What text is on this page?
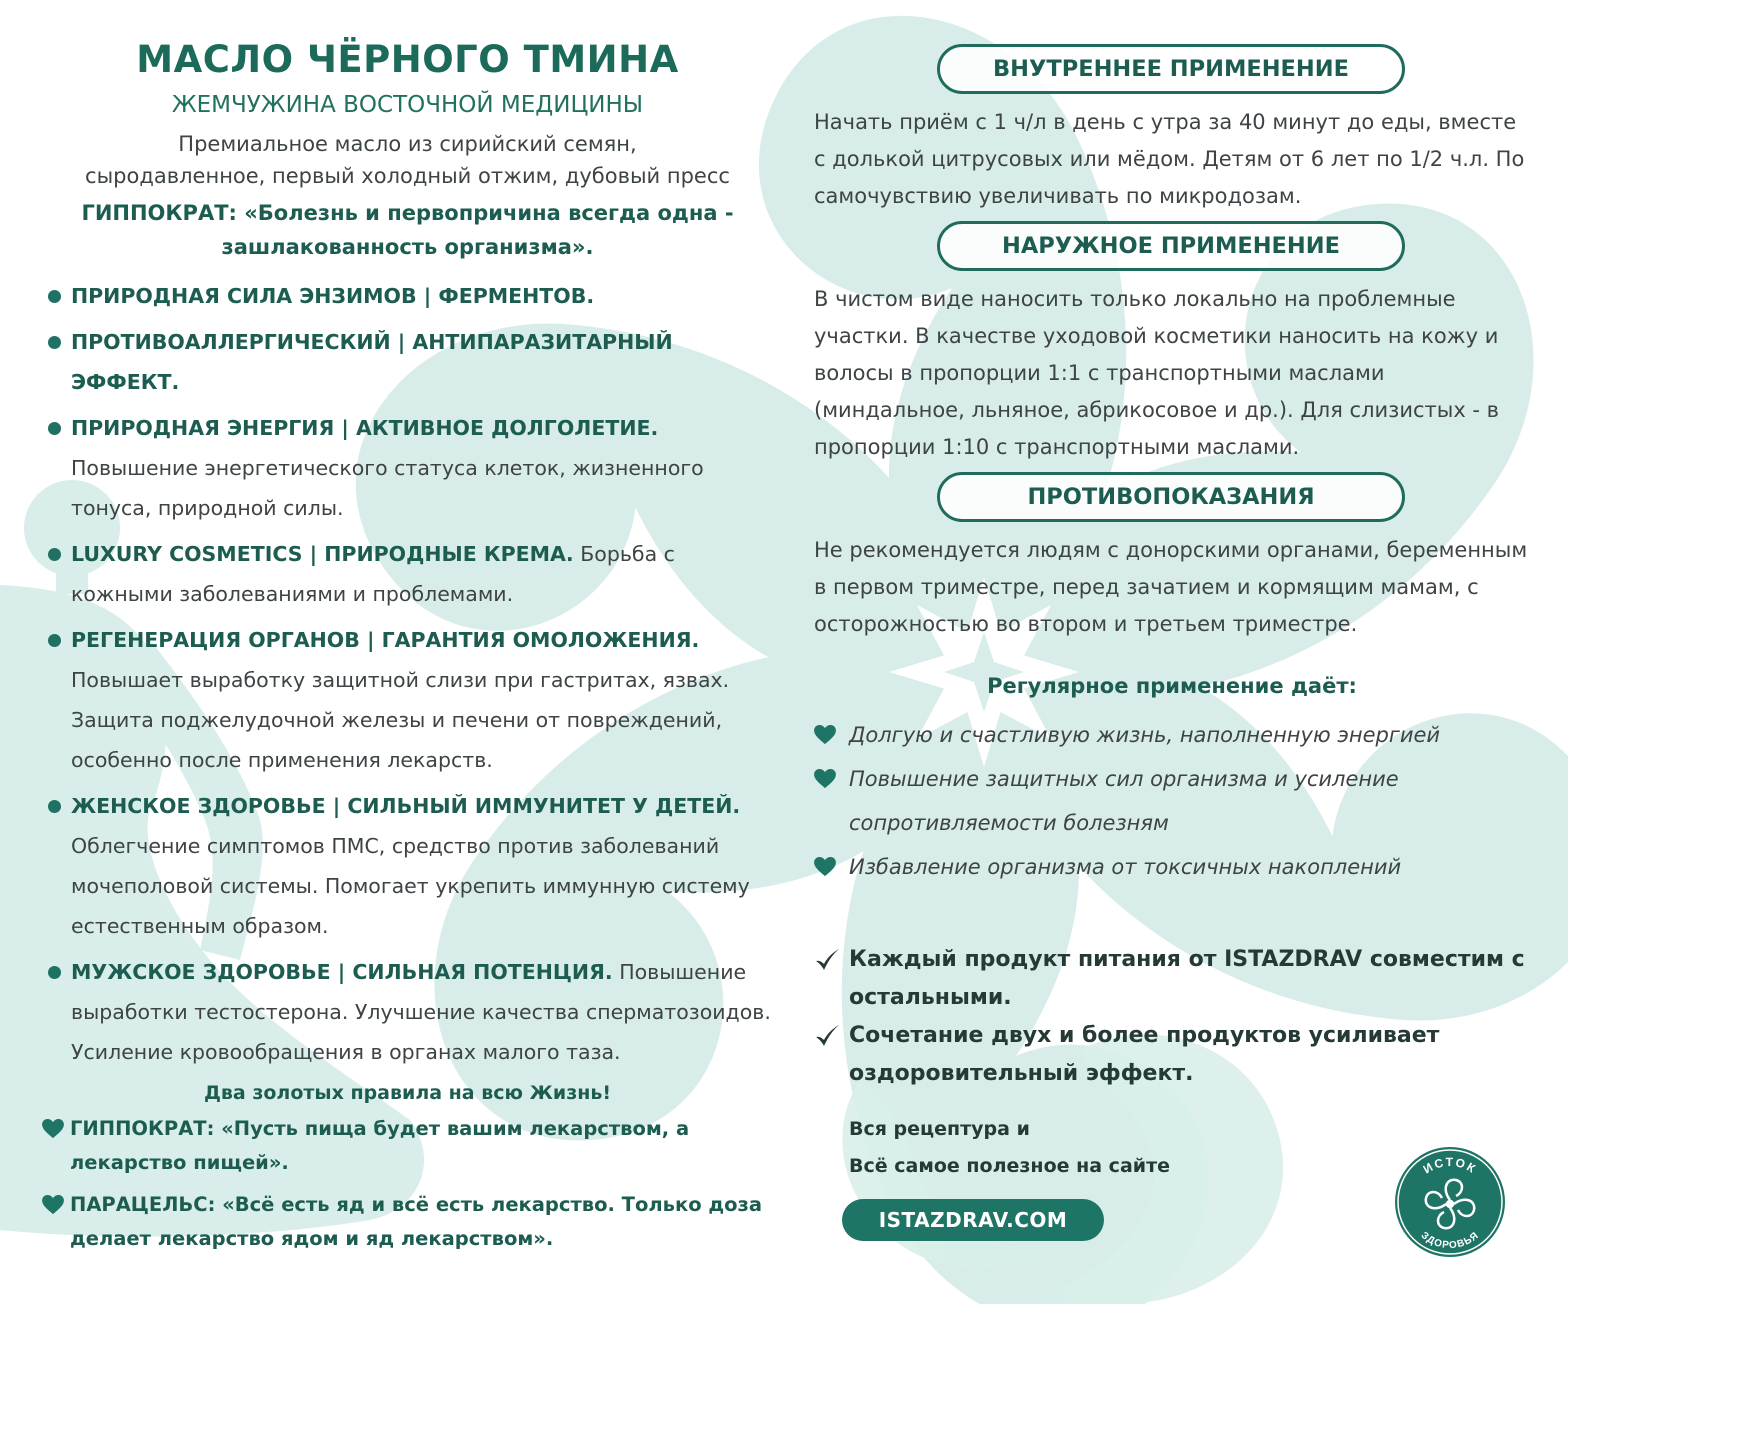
МАСЛО ЧЁРНОГО ТМИНА
ЖЕМЧУЖИНА ВОСТОЧНОЙ МЕДИЦИНЫ

Премиальное масло из сирийский семян,
сыродавленное, первый холодный отжим, дубовый пресс

ГИППОКРАТ: «Болезнь и первопричина всегда одна -
зашлакованность организма».

ПРИРОДНАЯ СИЛА ЭНЗИМОВ | ФЕРМЕНТОВ.
ПРОТИВОАЛЛЕРГИЧЕСКИЙ | АНТИПАРАЗИТАРНЫЙ ЭФФЕКТ.
ПРИРОДНАЯ ЭНЕРГИЯ | АКТИВНОЕ ДОЛГОЛЕТИЕ.
Повышение энергетического статуса клеток, жизненного тонуса, природной силы.
LUXURY COSMETICS | ПРИРОДНЫЕ КРЕМА. Борьба с кожными заболеваниями и проблемами.
РЕГЕНЕРАЦИЯ ОРГАНОВ | ГАРАНТИЯ ОМОЛОЖЕНИЯ.
Повышает выработку защитной слизи при гастритах, язвах. Защита поджелудочной железы и печени от повреждений, особенно после применения лекарств.
ЖЕНСКОЕ ЗДОРОВЬЕ | СИЛЬНЫЙ ИММУНИТЕТ У ДЕТЕЙ.
Облегчение симптомов ПМС, средство против заболеваний мочеполовой системы. Помогает укрепить иммунную систему естественным образом.
МУЖСКОЕ ЗДОРОВЬЕ | СИЛЬНАЯ ПОТЕНЦИЯ. Повышение выработки тестостерона. Улучшение качества сперматозоидов. Усиление кровообращения в органах малого таза.

Два золотых правила на всю Жизнь!

ГИППОКРАТ: «Пусть пища будет вашим лекарством, а лекарство пищей».
ПАРАЦЕЛЬС: «Всё есть яд и всё есть лекарство. Только доза делает лекарство ядом и яд лекарством».
ВНУТРЕННЕЕ ПРИМЕНЕНИЕ

Начать приём с 1 ч/л в день с утра за 40 минут до еды, вместе с долькой цитрусовых или мёдом. Детям от 6 лет по 1/2 ч.л. По самочувствию увеличивать по микродозам.

НАРУЖНОЕ ПРИМЕНЕНИЕ

В чистом виде наносить только локально на проблемные участки. В качестве уходовой косметики наносить на кожу и волосы в пропорции 1:1 с транспортными маслами (миндальное, льняное, абрикосовое и др.). Для слизистых - в пропорции 1:10 с транспортными маслами.

ПРОТИВОПОКАЗАНИЯ

Не рекомендуется людям с донорскими органами, беременным в первом триместре, перед зачатием и кормящим мамам, с осторожностью во втором и третьем триместре.

Регулярное применение даёт:

Долгую и счастливую жизнь, наполненную энергией
Повышение защитных сил организма и усиление сопротивляемости болезням
Избавление организма от токсичных накоплений
Каждый продукт питания от ISTAZDRAV совместим с остальными.
Сочетание двух и более продуктов усиливает оздоровительный эффект.
Вся рецептура и
Всё самое полезное на сайте
ISTAZDRAV.COM
ИСТОК
ЗДОРОВЬЯ
